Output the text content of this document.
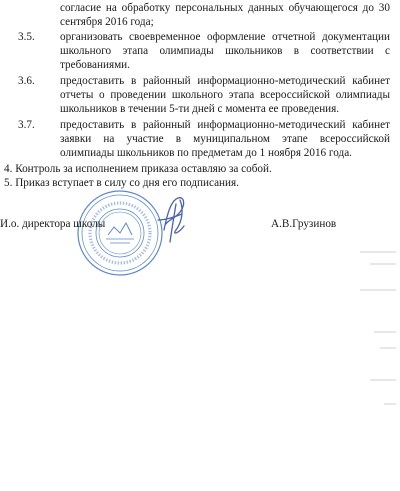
согласие на обработку персональных данных обучающегося до 30
сентября 2016 года;
3.5. организовать своевременное оформление отчетной документации
школьного этапа олимпиады школьников в соответствии с
требованиями.
3.6. предоставить в районный информационно-методический кабинет
отчеты о проведении школьного этапа всероссийской олимпиады
школьников в течении 5-ти дней с момента ее проведения.
3.7. предоставить в районный информационно-методический кабинет
заявки на участие в муниципальном этапе всероссийской
олимпиады школьников по предметам до 1 ноября 2016 года.
4. Контроль за исполнением приказа оставляю за собой.
5. Приказ вступает в силу со дня его подписания.
И.о. директора школы	А.В.Грузинов
